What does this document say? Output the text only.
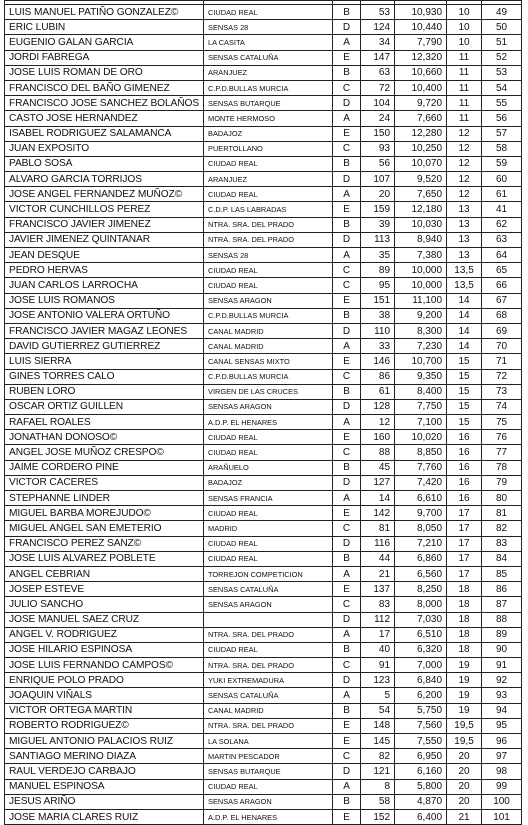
LUIS MANUEL PATIÑO GONZALEZ©	CIUDAD REAL	B	53	10,930	10	49
ERIC LUBIN	SENSAS 28	D	124	10,440	10	50
EUGENIO GALAN GARCIA	LA CASITA	A	34	7,790	10	51
JORDI FABREGA	SENSAS CATALUÑA	E	147	12,320	11	52
JOSE LUIS ROMAN DE ORO	ARANJUEZ	B	63	10,660	11	53
FRANCISCO DEL BAÑO GIMENEZ	C.P.D.BULLAS MURCIA	C	72	10,400	11	54
FRANCISCO JOSE SANCHEZ BOLAÑOS	SENSAS BUTARQUE	D	104	9,720	11	55
CASTO JOSE HERNANDEZ	MONTE HERMOSO	A	24	7,660	11	56
ISABEL RODRIGUEZ SALAMANCA	BADAJOZ	E	150	12,280	12	57
JUAN EXPOSITO	PUERTOLLANO	C	93	10,250	12	58
PABLO SOSA	CIUDAD REAL	B	56	10,070	12	59
ALVARO GARCIA TORRIJOS	ARANJUEZ	D	107	9,520	12	60
JOSE ANGEL FERNANDEZ MUÑOZ©	CIUDAD REAL	A	20	7,650	12	61
VICTOR CUNCHILLOS PEREZ	C.D.P. LAS LABRADAS	E	159	12,180	13	41
FRANCISCO JAVIER JIMENEZ	NTRA. SRA. DEL PRADO	B	39	10,030	13	62
JAVIER JIMENEZ QUINTANAR	NTRA. SRA. DEL PRADO	D	113	8,940	13	63
JEAN DESQUE	SENSAS 28	A	35	7,380	13	64
PEDRO HERVAS	CIUDAD REAL	C	89	10,000	13,5	65
JUAN CARLOS LARROCHA	CIUDAD REAL	C	95	10,000	13,5	66
JOSE LUIS ROMANOS	SENSAS ARAGON	E	151	11,100	14	67
JOSE ANTONIO VALERA ORTUÑO	C.P.D.BULLAS MURCIA	B	38	9,200	14	68
FRANCISCO JAVIER MAGAZ LEONES	CANAL MADRID	D	110	8,300	14	69
DAVID GUTIERREZ GUTIERREZ	CANAL MADRID	A	33	7,230	14	70
LUIS SIERRA	CANAL SENSAS MIXTO	E	146	10,700	15	71
GINES TORRES CALO	C.P.D.BULLAS MURCIA	C	86	9,350	15	72
RUBEN LORO	VIRGEN DE LAS CRUCES	B	61	8,400	15	73
OSCAR ORTIZ GUILLEN	SENSAS ARAGON	D	128	7,750	15	74
RAFAEL ROALES	A.D.P. EL HENARES	A	12	7,100	15	75
JONATHAN DONOSO©	CIUDAD REAL	E	160	10,020	16	76
ANGEL JOSE MUÑOZ CRESPO©	CIUDAD REAL	C	88	8,850	16	77
JAIME CORDERO PINE	ARAÑUELO	B	45	7,760	16	78
VICTOR CACERES	BADAJOZ	D	127	7,420	16	79
STEPHANNE LINDER	SENSAS FRANCIA	A	14	6,610	16	80
MIGUEL BARBA MOREJUDO©	CIUDAD REAL	E	142	9,700	17	81
MIGUEL ANGEL SAN EMETERIO	MADRID	C	81	8,050	17	82
FRANCISCO PEREZ SANZ©	CIUDAD REAL	D	116	7,210	17	83
JOSE LUIS ALVAREZ POBLETE	CIUDAD REAL	B	44	6,860	17	84
ANGEL CEBRIAN	TORREJON COMPETICION	A	21	6,560	17	85
JOSEP ESTEVE	SENSAS CATALUÑA	E	137	8,250	18	86
JULIO SANCHO	SENSAS ARAGON	C	83	8,000	18	87
JOSE MANUEL SAEZ CRUZ		D	112	7,030	18	88
ANGEL V. RODRIGUEZ	NTRA. SRA. DEL PRADO	A	17	6,510	18	89
JOSE HILARIO ESPINOSA	CIUDAD REAL	B	40	6,320	18	90
JOSE LUIS FERNANDO CAMPOS©	NTRA. SRA. DEL PRADO	C	91	7,000	19	91
ENRIQUE POLO PRADO	YUKI EXTREMADURA	D	123	6,840	19	92
JOAQUIN VIÑALS	SENSAS CATALUÑA	A	5	6,200	19	93
VICTOR ORTEGA MARTIN	CANAL MADRID	B	54	5,750	19	94
ROBERTO RODRIGUEZ©	NTRA. SRA. DEL PRADO	E	148	7,560	19,5	95
MIGUEL ANTONIO PALACIOS RUIZ	LA SOLANA	E	145	7,550	19,5	96
SANTIAGO MERINO DIAZA	MARTIN PESCADOR	C	82	6,950	20	97
RAUL VERDEJO CARBAJO	SENSAS BUTARQUE	D	121	6,160	20	98
MANUEL ESPINOSA	CIUDAD REAL	A	8	5,800	20	99
JESUS ARIÑO	SENSAS ARAGON	B	58	4,870	20	100
JOSE MARIA CLARES RUIZ	A.D.P. EL HENARES	E	152	6,400	21	101
